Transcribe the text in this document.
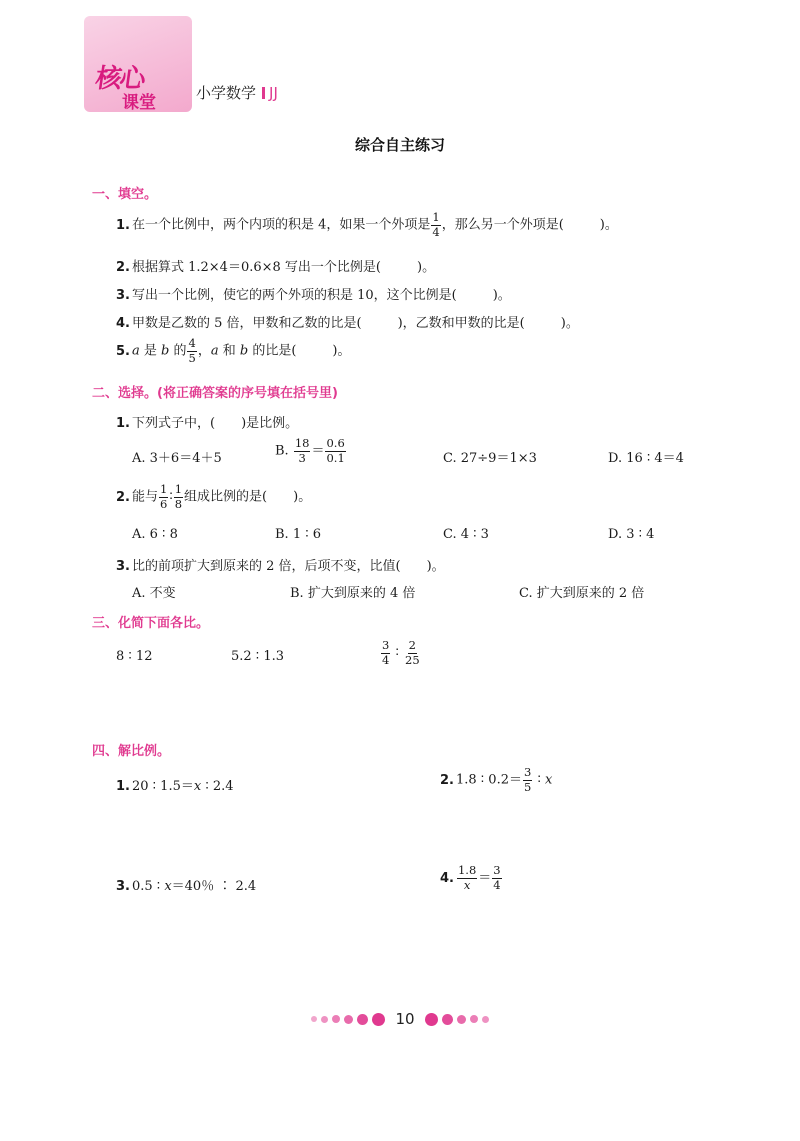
核心
课堂	小学数学 JJ
综合自主练习
一、填空。
1. 在一个比例中，两个内项的积是 4，如果一个外项是 $\frac{1}{4}$ ，那么另一个外项是(	)。
2. 根据算式 1.2×4＝0.6×8 写出一个比例是(	)。
3. 写出一个比例，使它的两个外项的积是 10，这个比例是(	)。
4. 甲数是乙数的 5 倍，甲数和乙数的比是(	)，乙数和甲数的比是(	)。
5. a 是 b 的 $\frac{4}{5}$ ，a 和 b 的比是(	)。
二、选择。(将正确答案的序号填在括号里)
1. 下列式子中，( )是比例。
A. 3＋6＝4＋5	B. $\frac{18}{3} = \frac{0.6}{0.1}$	C. 27÷9＝1×3	D. 16 ∶ 4＝4
2. 能与 $\frac{1}{6}$ ∶ $\frac{1}{8}$ 组成比例的是( )。
A. 6 ∶ 8	B. 1 ∶ 6	C. 4 ∶ 3	D. 3 ∶ 4
3. 比的前项扩大到原来的 2 倍，后项不变，比值( )。
A. 不变	B. 扩大到原来的 4 倍	C. 扩大到原来的 2 倍
三、化简下面各比。
8 ∶ 12	5.2 ∶ 1.3	$\frac{3}{4}$ ∶ $\frac{2}{25}$
四、解比例。
1. 20 ∶ 1.5＝x ∶ 2.4	2. 1.8 ∶ $0.2= \frac{3}{5}$ ∶ x
3. 0.5 ∶ x＝40％ ∶ 2.4
4. $\frac{1.8}{x} = \frac{3}{4}$
10
